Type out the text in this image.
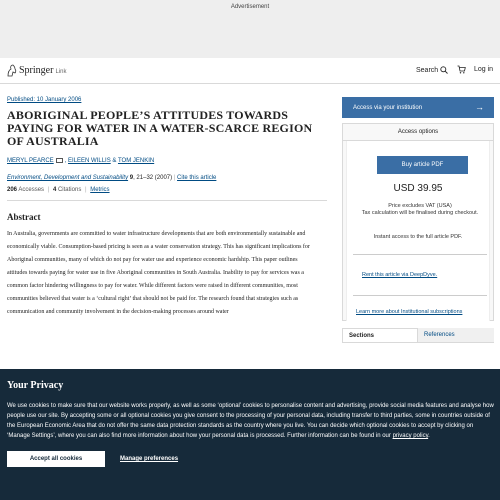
Advertisement
Springer Link	Search	Log in
Published: 10 January 2006
ABORIGINAL PEOPLE’S ATTITUDES TOWARDS PAYING FOR WATER IN A WATER-SCARCE REGION OF AUSTRALIA
MERYL PEARCE , EILEEN WILLIS & TOM JENKIN
Environment, Development and Sustainability 9, 21–32 (2007) | Cite this article
206 Accesses | 4 Citations | Metrics
Abstract

In Australia, governments are committed to water infrastructure developments that are both environmentally sustainable and economically viable. Consumption-based pricing is seen as a water conservation strategy. This has significant implications for Aboriginal communities, many of which do not pay for water use and experience economic hardship. This paper outlines attitudes towards paying for water use in five Aboriginal communities in South Australia. Inability to pay for services was a common factor hindering willingness to pay for water. While different factors were raised in different communities, most communities believed that water is a ‘cultural right’ that should not be paid for. The research found that strategies such as communication and community involvement in the decision-making processes around water

Access via your institution	→
Access options
Buy article PDF
USD 39.95
Price excludes VAT (USA)
Tax calculation will be finalised during checkout.
Instant access to the full article PDF.
Rent this article via DeepDyve.
Learn more about Institutional subscriptions
Sections	References
Your Privacy

We use cookies to make sure that our website works properly, as well as some ‘optional’ cookies to personalise content and advertising, provide social media features and analyse how people use our site. By accepting some or all optional cookies you give consent to the processing of your personal data, including transfer to third parties, some in countries outside of the European Economic Area that do not offer the same data protection standards as the country where you live. You can decide which optional cookies to accept by clicking on ‘Manage Settings’, where you can also find more information about how your personal data is processed. Further information can be found in our privacy policy.

Accept all cookies	Manage preferences
